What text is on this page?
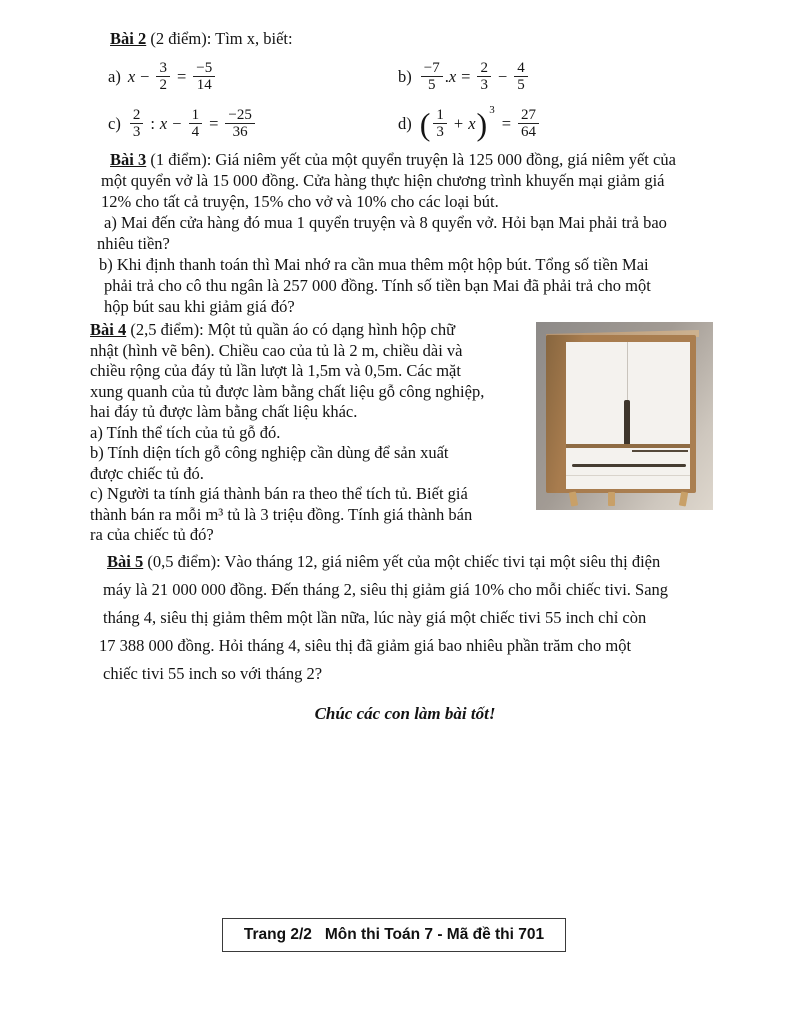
Bài 2 (2 điểm): Tìm x, biết:
a) $x - \frac{3}{2} = \frac{-5}{14}$	$b) \frac{-7}{5}$ . $x = \frac{2}{3} - \frac{4}{5}$
$c) \frac{2}{3}$ : $x - \frac{1}{4} = \frac{-25}{36}$	d) ( $\frac{1}{3} + x$ ) 3
= $\frac{27}{64}$
Bài 3 (1 điểm): Giá niêm yết của một quyển truyện là 125 000 đồng, giá niêm yết của
một quyển vở là 15 000 đồng. Cửa hàng thực hiện chương trình khuyến mại giảm giá
12% cho tất cả truyện, 15% cho vở và 10% cho các loại bút.
a) Mai đến cửa hàng đó mua 1 quyển truyện và 8 quyển vở. Hỏi bạn Mai phải trả bao
nhiêu tiền?
b) Khi định thanh toán thì Mai nhớ ra cần mua thêm một hộp bút. Tổng số tiền Mai
phải trả cho cô thu ngân là 257 000 đồng. Tính số tiền bạn Mai đã phải trả cho một
hộp bút sau khi giảm giá đó?
Bài 4 (2,5 điểm): Một tủ quần áo có dạng hình hộp chữ
nhật (hình vẽ bên). Chiều cao của tủ là 2 m, chiều dài và
chiều rộng của đáy tủ lần lượt là 1,5m và 0,5m. Các mặt
xung quanh của tủ được làm bằng chất liệu gỗ công nghiệp,
hai đáy tủ được làm bằng chất liệu khác.
a) Tính thể tích của tủ gỗ đó.
b) Tính diện tích gỗ công nghiệp cần dùng để sản xuất
được chiếc tủ đó.
c) Người ta tính giá thành bán ra theo thể tích tủ. Biết giá
thành bán ra mỗi m³ tủ là 3 triệu đồng. Tính giá thành bán
ra của chiếc tủ đó?
Bài 5 (0,5 điểm): Vào tháng 12, giá niêm yết của một chiếc tivi tại một siêu thị điện
máy là 21 000 000 đồng. Đến tháng 2, siêu thị giảm giá 10% cho mỗi chiếc tivi. Sang
tháng 4, siêu thị giảm thêm một lần nữa, lúc này giá một chiếc tivi 55 inch chỉ còn
17 388 000 đồng. Hỏi tháng 4, siêu thị đã giảm giá bao nhiêu phần trăm cho một
chiếc tivi 55 inch so với tháng 2?
Chúc các con làm bài tốt!
Trang 2/2   Môn thi Toán 7 - Mã đề thi 701
